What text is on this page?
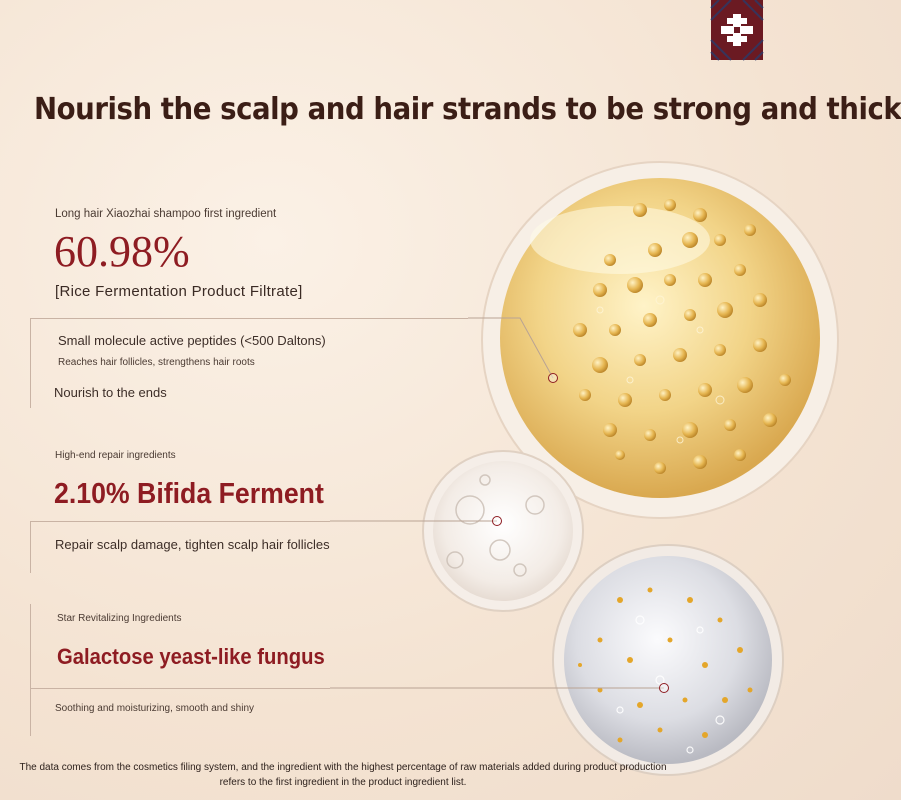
Nourish the scalp and hair strands to be strong and thick
Long hair Xiaozhai shampoo first ingredient
60.98%
[Rice Fermentation Product Filtrate]
Small molecule active peptides (<500 Daltons)
Reaches hair follicles, strengthens hair roots
Nourish to the ends
High-end repair ingredients
2.10% Bifida Ferment
Repair scalp damage, tighten scalp hair follicles
Star Revitalizing Ingredients
Galactose yeast-like fungus
Soothing and moisturizing, smooth and shiny
The data comes from the cosmetics filing system, and the ingredient with the highest percentage of raw materials added during product production
refers to the first ingredient in the product ingredient list.
